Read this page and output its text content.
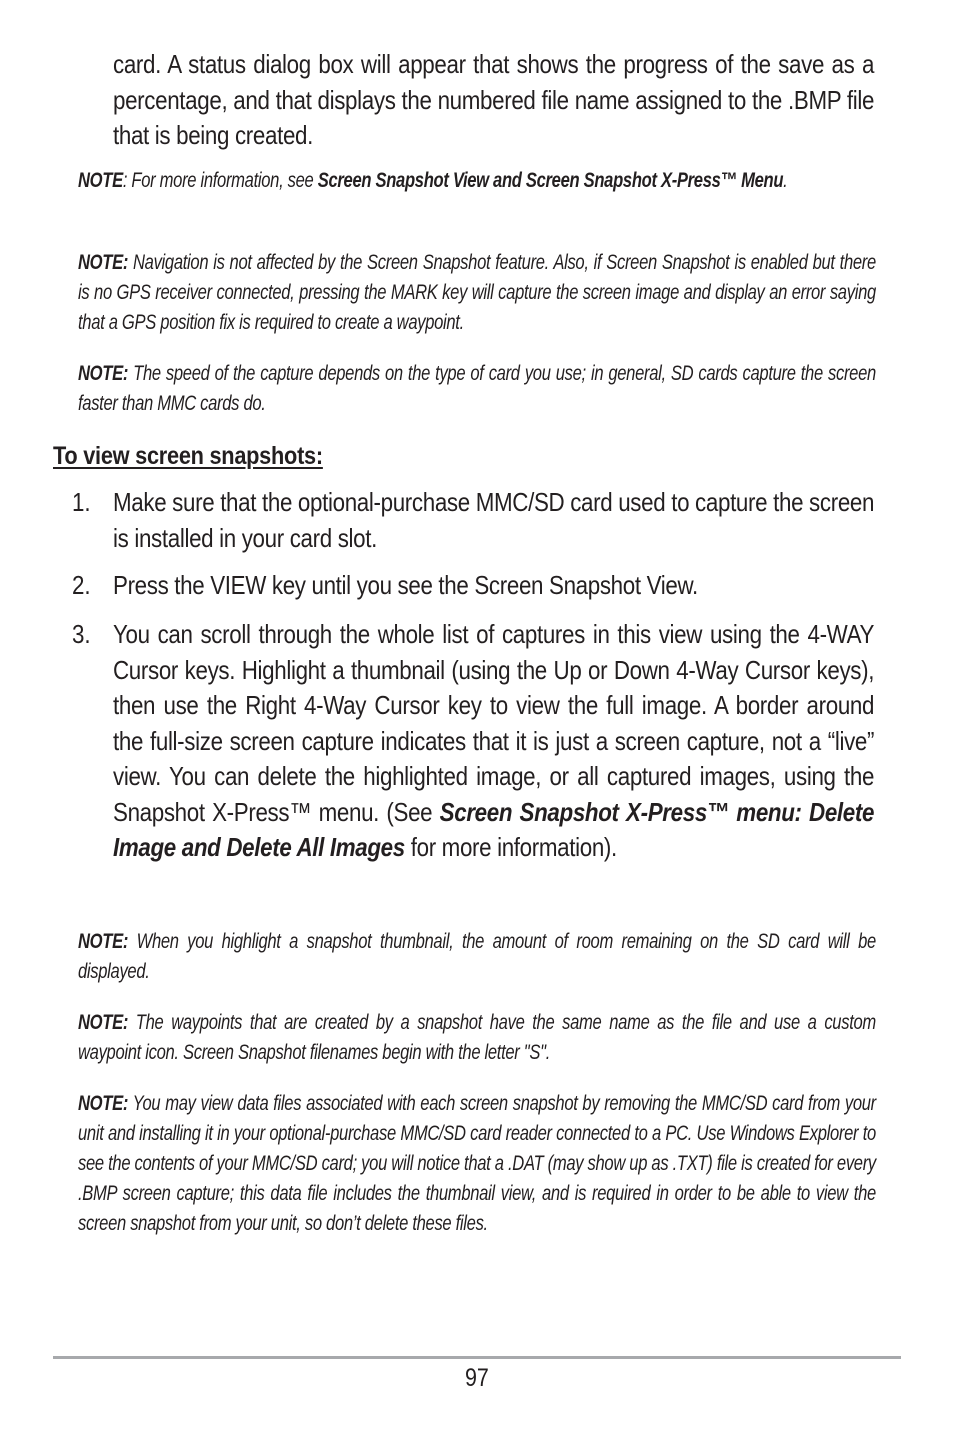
card. A status dialog box will appear that shows the progress of the save as a percentage, and that displays the numbered file name assigned to the .BMP file that is being created.

NOTE: For more information, see Screen Snapshot View and Screen Snapshot X-Press™ Menu.

NOTE: Navigation is not affected by the Screen Snapshot feature. Also, if Screen Snapshot is enabled but there is no GPS receiver connected, pressing the MARK key will capture the screen image and display an error saying that a GPS position fix is required to create a waypoint.

NOTE: The speed of the capture depends on the type of card you use; in general, SD cards capture the screen faster than MMC cards do.

To view screen snapshots:
1. Make sure that the optional-purchase MMC/SD card used to capture the screen is installed in your card slot.

2. Press the VIEW key until you see the Screen Snapshot View.

3. You can scroll through the whole list of captures in this view using the 4-WAY Cursor keys. Highlight a thumbnail (using the Up or Down 4-Way Cursor keys), then use the Right 4-Way Cursor key to view the full image. A border around the full-size screen capture indicates that it is just a screen capture, not a “live” view. You can delete the highlighted image, or all captured images, using the Snapshot X-Press™ menu. (See Screen Snapshot X-Press™ menu: Delete Image and Delete All Images for more information).

NOTE: When you highlight a snapshot thumbnail, the amount of room remaining on the SD card will be displayed.

NOTE: The waypoints that are created by a snapshot have the same name as the file and use a custom waypoint icon. Screen Snapshot filenames begin with the letter "S".

NOTE: You may view data files associated with each screen snapshot by removing the MMC/SD card from your unit and installing it in your optional-purchase MMC/SD card reader connected to a PC. Use Windows Explorer to see the contents of your MMC/SD card; you will notice that a .DAT (may show up as .TXT) file is created for every .BMP screen capture; this data file includes the thumbnail view, and is required in order to be able to view the screen snapshot from your unit, so don’t delete these files.

97
